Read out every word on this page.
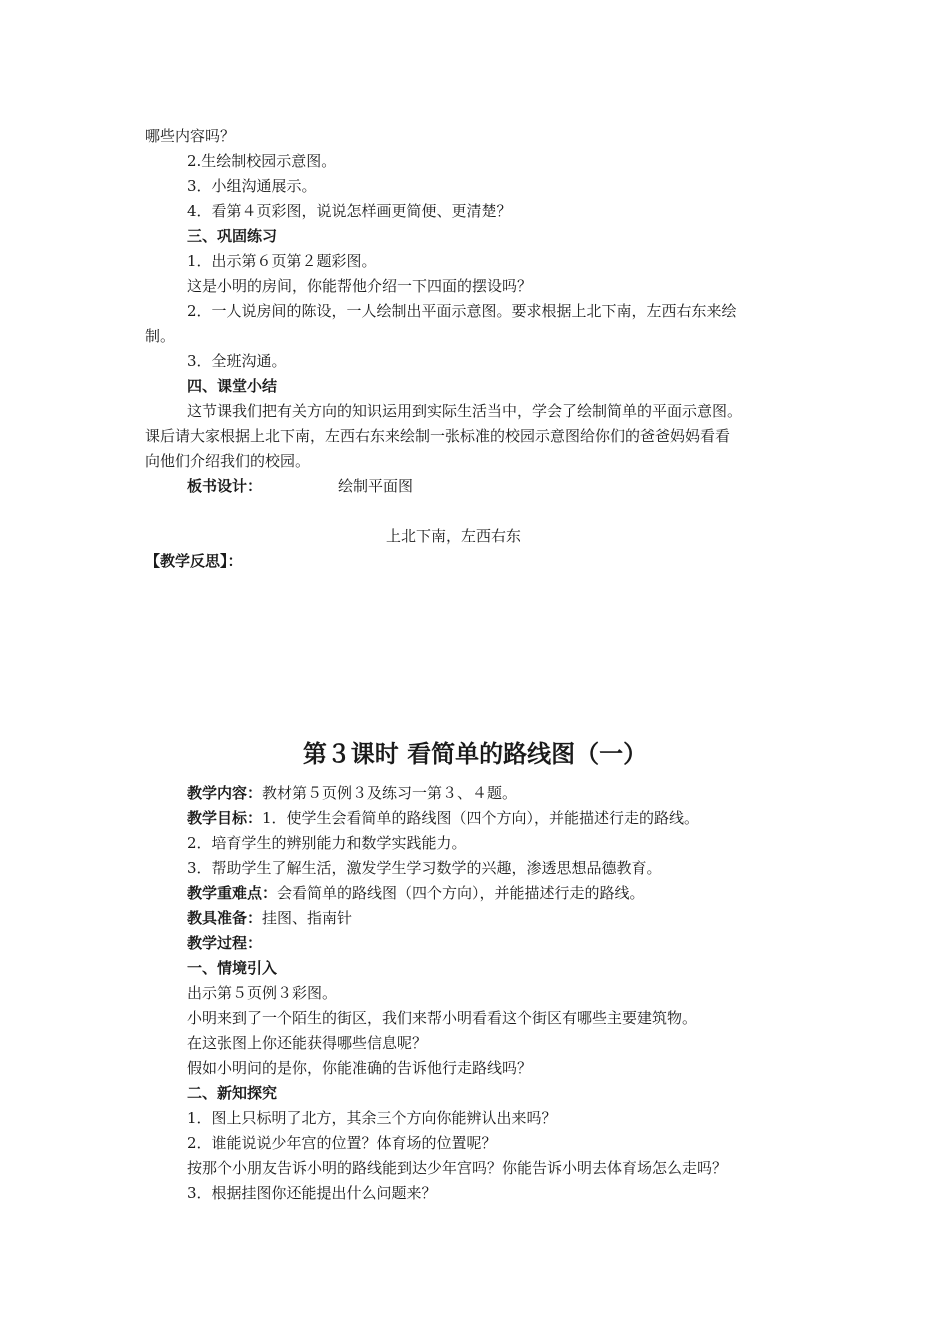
哪些内容吗？
2.生绘制校园示意图。
3．小组沟通展示。
4．看第４页彩图，说说怎样画更简便、更清楚？
三、巩固练习
1．出示第６页第２题彩图。
这是小明的房间，你能帮他介绍一下四面的摆设吗？
2．一人说房间的陈设，一人绘制出平面示意图。要求根据上北下南，左西右东来绘
制。
3．全班沟通。
四、课堂小结
这节课我们把有关方向的知识运用到实际生活当中，学会了绘制简单的平面示意图。
课后请大家根据上北下南，左西右东来绘制一张标准的校园示意图给你们的爸爸妈妈看看
向他们介绍我们的校园。
板书设计：	绘制平面图
上北下南，左西右东
【教学反思】：
第３课时 看简单的路线图（一）
教学内容：教材第５页例３及练习一第３、４题。
教学目标：1．使学生会看简单的路线图（四个方向），并能描述行走的路线。
2．培育学生的辨别能力和数学实践能力。
3．帮助学生了解生活，激发学生学习数学的兴趣，渗透思想品德教育。
教学重难点：会看简单的路线图（四个方向），并能描述行走的路线。
教具准备：挂图、指南针
教学过程：
一、情境引入
出示第５页例３彩图。
小明来到了一个陌生的街区，我们来帮小明看看这个街区有哪些主要建筑物。
在这张图上你还能获得哪些信息呢？
假如小明问的是你，你能准确的告诉他行走路线吗？
二、新知探究
1．图上只标明了北方，其余三个方向你能辨认出来吗？
2．谁能说说少年宫的位置？体育场的位置呢？
按那个小朋友告诉小明的路线能到达少年宫吗？你能告诉小明去体育场怎么走吗？
3．根据挂图你还能提出什么问题来？
